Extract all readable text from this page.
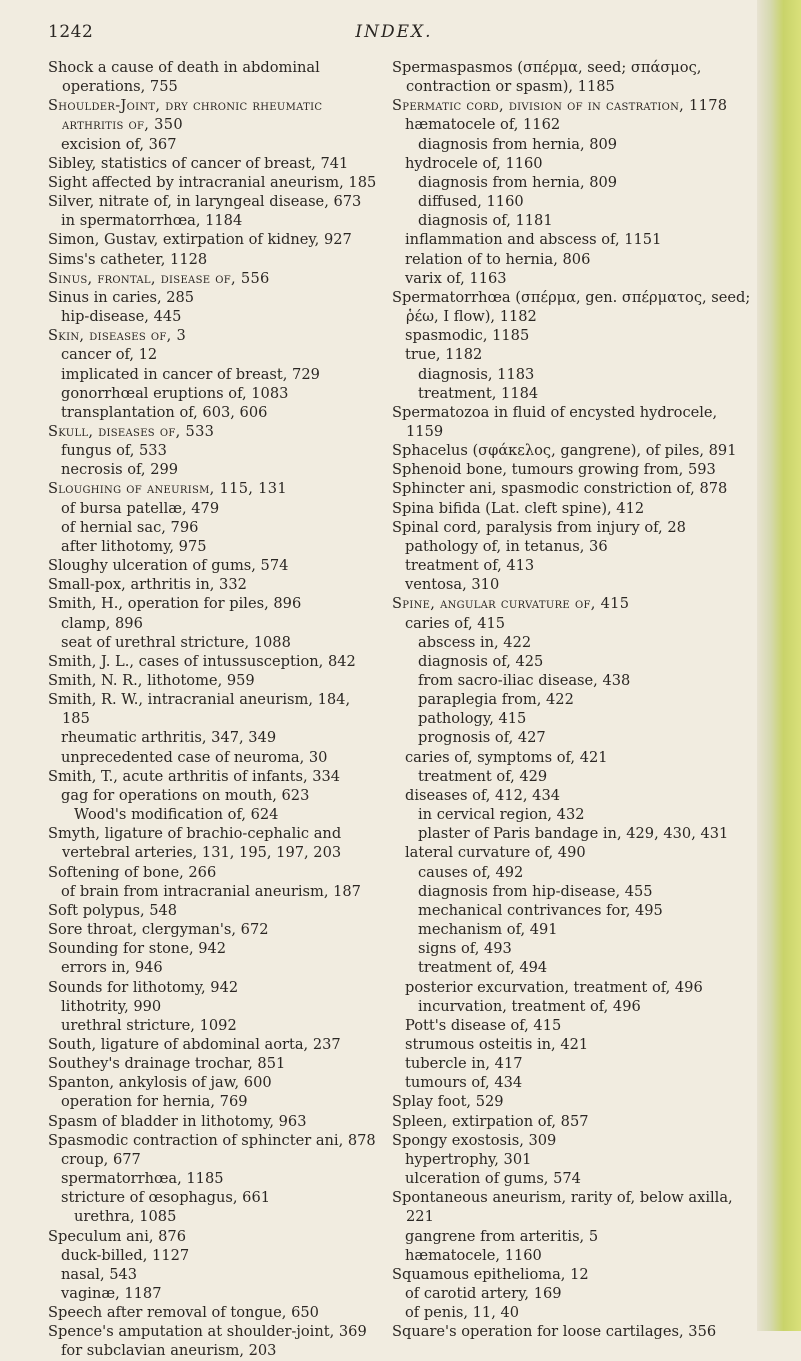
1242	INDEX.
Shock a cause of death in abdominal operations, 755
Shoulder-Joint, dry chronic rheumatic arthritis of, 350
excision of, 367
Sibley, statistics of cancer of breast, 741
Sight affected by intracranial aneurism, 185
Silver, nitrate of, in laryngeal disease, 673
in spermatorrhœa, 1184
Simon, Gustav, extirpation of kidney, 927
Sims's catheter, 1128
Sinus, frontal, disease of, 556
Sinus in caries, 285
hip-disease, 445
Skin, diseases of, 3
cancer of, 12
implicated in cancer of breast, 729
gonorrhœal eruptions of, 1083
transplantation of, 603, 606
Skull, diseases of, 533
fungus of, 533
necrosis of, 299
Sloughing of aneurism, 115, 131
of bursa patellæ, 479
of hernial sac, 796
after lithotomy, 975
Sloughy ulceration of gums, 574
Small-pox, arthritis in, 332
Smith, H., operation for piles, 896
clamp, 896
seat of urethral stricture, 1088
Smith, J. L., cases of intussusception, 842
Smith, N. R., lithotome, 959
Smith, R. W., intracranial aneurism, 184, 185
rheumatic arthritis, 347, 349
unprecedented case of neuroma, 30
Smith, T., acute arthritis of infants, 334
gag for operations on mouth, 623
Wood's modification of, 624
Smyth, ligature of brachio-cephalic and vertebral arteries, 131, 195, 197, 203
Softening of bone, 266
of brain from intracranial aneurism, 187
Soft polypus, 548
Sore throat, clergyman's, 672
Sounding for stone, 942
errors in, 946
Sounds for lithotomy, 942
lithotrity, 990
urethral stricture, 1092
South, ligature of abdominal aorta, 237
Southey's drainage trochar, 851
Spanton, ankylosis of jaw, 600
operation for hernia, 769
Spasm of bladder in lithotomy, 963
Spasmodic contraction of sphincter ani, 878
croup, 677
spermatorrhœa, 1185
stricture of œsophagus, 661
urethra, 1085
Speculum ani, 876
duck-billed, 1127
nasal, 543
vaginæ, 1187
Speech after removal of tongue, 650
Spence's amputation at shoulder-joint, 369
for subclavian aneurism, 203
Spermaspasmos (σπέρμα, seed; σπάσμος, contraction or spasm), 1185
Spermatic cord, division of in castration, 1178
hæmatocele of, 1162
diagnosis from hernia, 809
hydrocele of, 1160
diagnosis from hernia, 809
diffused, 1160
diagnosis of, 1181
inflammation and abscess of, 1151
relation of to hernia, 806
varix of, 1163
Spermatorrhœa (σπέρμα, gen. σπέρματος, seed; ῥέω, I flow), 1182
spasmodic, 1185
true, 1182
diagnosis, 1183
treatment, 1184
Spermatozoa in fluid of encysted hydrocele, 1159
Sphacelus (σφάκελος, gangrene), of piles, 891
Sphenoid bone, tumours growing from, 593
Sphincter ani, spasmodic constriction of, 878
Spina bifida (Lat. cleft spine), 412
Spinal cord, paralysis from injury of, 28
pathology of, in tetanus, 36
treatment of, 413
ventosa, 310
Spine, angular curvature of, 415
caries of, 415
abscess in, 422
diagnosis of, 425
from sacro-iliac disease, 438
paraplegia from, 422
pathology, 415
prognosis of, 427
caries of, symptoms of, 421
treatment of, 429
diseases of, 412, 434
in cervical region, 432
plaster of Paris bandage in, 429, 430, 431
lateral curvature of, 490
causes of, 492
diagnosis from hip-disease, 455
mechanical contrivances for, 495
mechanism of, 491
signs of, 493
treatment of, 494
posterior excurvation, treatment of, 496
incurvation, treatment of, 496
Pott's disease of, 415
strumous osteitis in, 421
tubercle in, 417
tumours of, 434
Splay foot, 529
Spleen, extirpation of, 857
Spongy exostosis, 309
hypertrophy, 301
ulceration of gums, 574
Spontaneous aneurism, rarity of, below axilla, 221
gangrene from arteritis, 5
hæmatocele, 1160
Squamous epithelioma, 12
of carotid artery, 169
of penis, 11, 40
Square's operation for loose cartilages, 356
